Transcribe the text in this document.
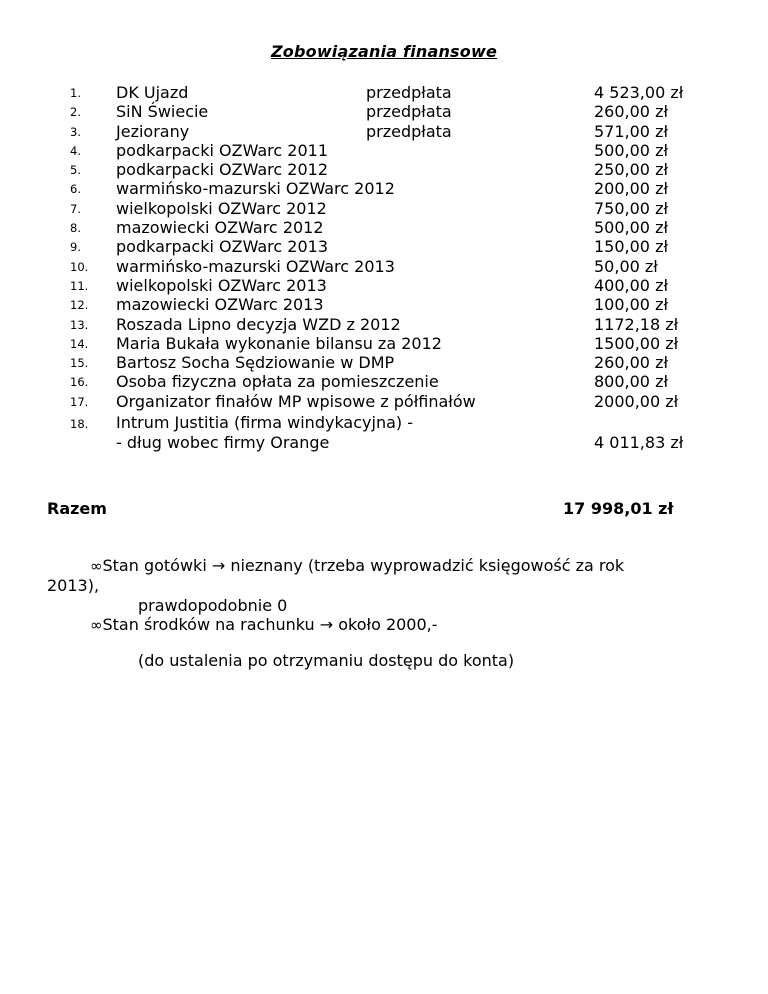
Zobowiązania finansowe
1.	DK Ujazd	przedpłata	4 523,00 zł
2.	SiN Świecie	przedpłata	260,00 zł
3.	Jeziorany	przedpłata	571,00 zł
4.	podkarpacki OZWarc 2011	500,00 zł
5.	podkarpacki OZWarc 2012	250,00 zł
6.	warmińsko-mazurski OZWarc 2012	200,00 zł
7.	wielkopolski OZWarc 2012	750,00 zł
8.	mazowiecki OZWarc 2012	500,00 zł
9.	podkarpacki OZWarc 2013	150,00 zł
10.	warmińsko-mazurski OZWarc 2013	50,00 zł
11.	wielkopolski OZWarc 2013	400,00 zł
12.	mazowiecki OZWarc 2013	100,00 zł
13.	Roszada Lipno decyzja WZD z 2012	1172,18 zł
14.	Maria Bukała wykonanie bilansu za 2012	1500,00 zł
15.	Bartosz Socha Sędziowanie w DMP	260,00 zł
16.	Osoba fizyczna opłata za pomieszczenie	800,00 zł
17.	Organizator finałów MP wpisowe z półfinałów	2000,00 zł
18.	Intrum Justitia (firma windykacyjna) -
- dług wobec firmy Orange	4 011,83 zł
Razem	17 998,01 zł
∞Stan gotówki → nieznany (trzeba wyprowadzić księgowość za rok
2013),
prawdopodobnie 0
∞Stan środków na rachunku → około 2000,-
(do ustalenia po otrzymaniu dostępu do konta)
